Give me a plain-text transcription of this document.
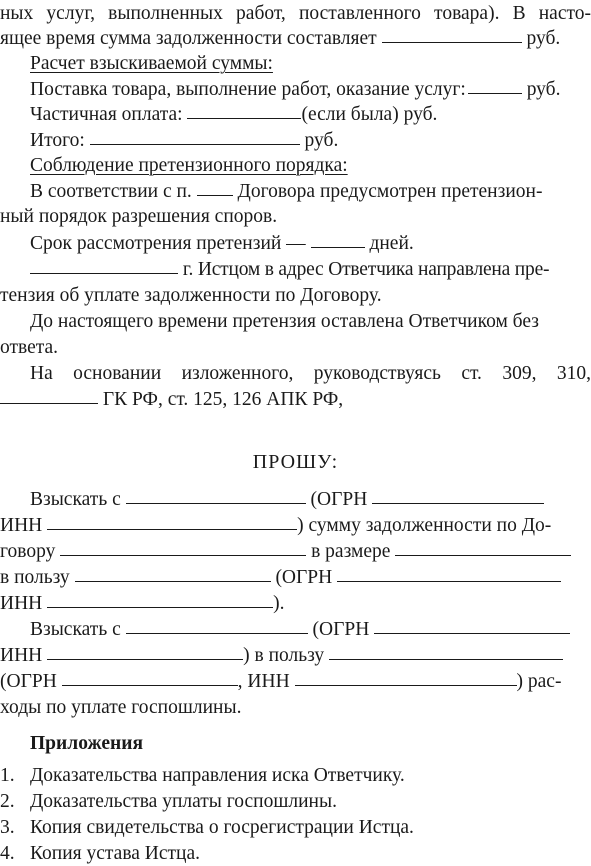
ных услуг, выполненных работ, поставленного товара). В насто-
ящее время сумма задолженности составляет	руб.
Расчет взыскиваемой суммы:
Поставка товара, выполнение работ, оказание услуг:	руб.
Частичная оплата:	(если была) руб.
Итого:	руб.
Соблюдение претензионного порядка:
В соответствии с п. Договора предусмотрен претензион-
ный порядок разрешения споров.
Срок рассмотрения претензий —	дней.
г. Истцом в адрес Ответчика направлена пре-
тензия об уплате задолженности по Договору.
До настоящего времени претензия оставлена Ответчиком без
ответа.
На основании изложенного, руководствуясь ст. 309, 310,
ГК РФ, ст. 125, 126 АПК РФ,
ПРОШУ:
Взыскать с	(ОГРН
ИНН	) сумму задолженности по До-
говору	в размере
в пользу	(ОГРН
ИНН	).
Взыскать с	(ОГРН
ИНН	) в пользу
(ОГРН	, ИНН	) рас-
ходы по уплате госпошлины.
Приложения
1. Доказательства направления иска Ответчику.
2. Доказательства уплаты госпошлины.
3. Копия свидетельства о госрегистрации Истца.
4. Копия устава Истца.
